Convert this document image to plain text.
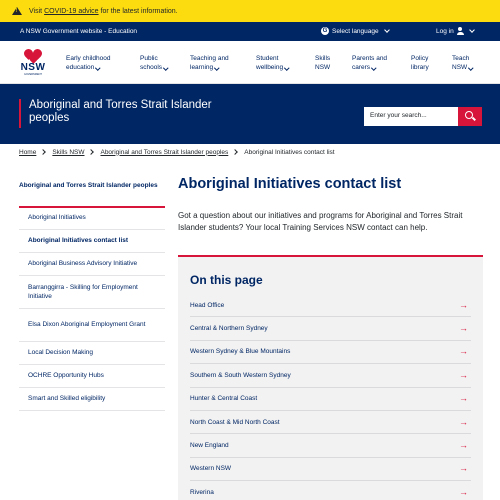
!
Visit COVID-19 advice for the latest information.
A NSW Government website - Education	G Select language	Log in
NSW
GOVERNMENT
Early childhood
education
Public
schools
Teaching and
learning
Student
wellbeing
Skills
NSW
Parents and
carers
Policy
library
Teach
NSW
Aboriginal and Torres Strait Islander peoples	Enter your search...
Home Skills NSW Aboriginal and Torres Strait Islander peoples Aboriginal Initiatives contact list
Aboriginal and Torres Strait Islander peoples
Aboriginal Initiatives
Aboriginal Initiatives contact list
Aboriginal Business Advisory Initiative
Barranggirra - Skilling for Employment Initiative
Elsa Dixon Aboriginal Employment Grant
Local Decision Making
OCHRE Opportunity Hubs
Smart and Skilled eligibility
Aboriginal Initiatives contact list

Got a question about our initiatives and programs for Aboriginal and Torres Strait Islander students? Your local Training Services NSW contact can help.

On this page
Head Office	→
Central & Northern Sydney	→
Western Sydney & Blue Mountains	→
Southern & South Western Sydney	→
Hunter & Central Coast	→
North Coast & Mid North Coast	→
New England	→
Western NSW	→
Riverina	→
